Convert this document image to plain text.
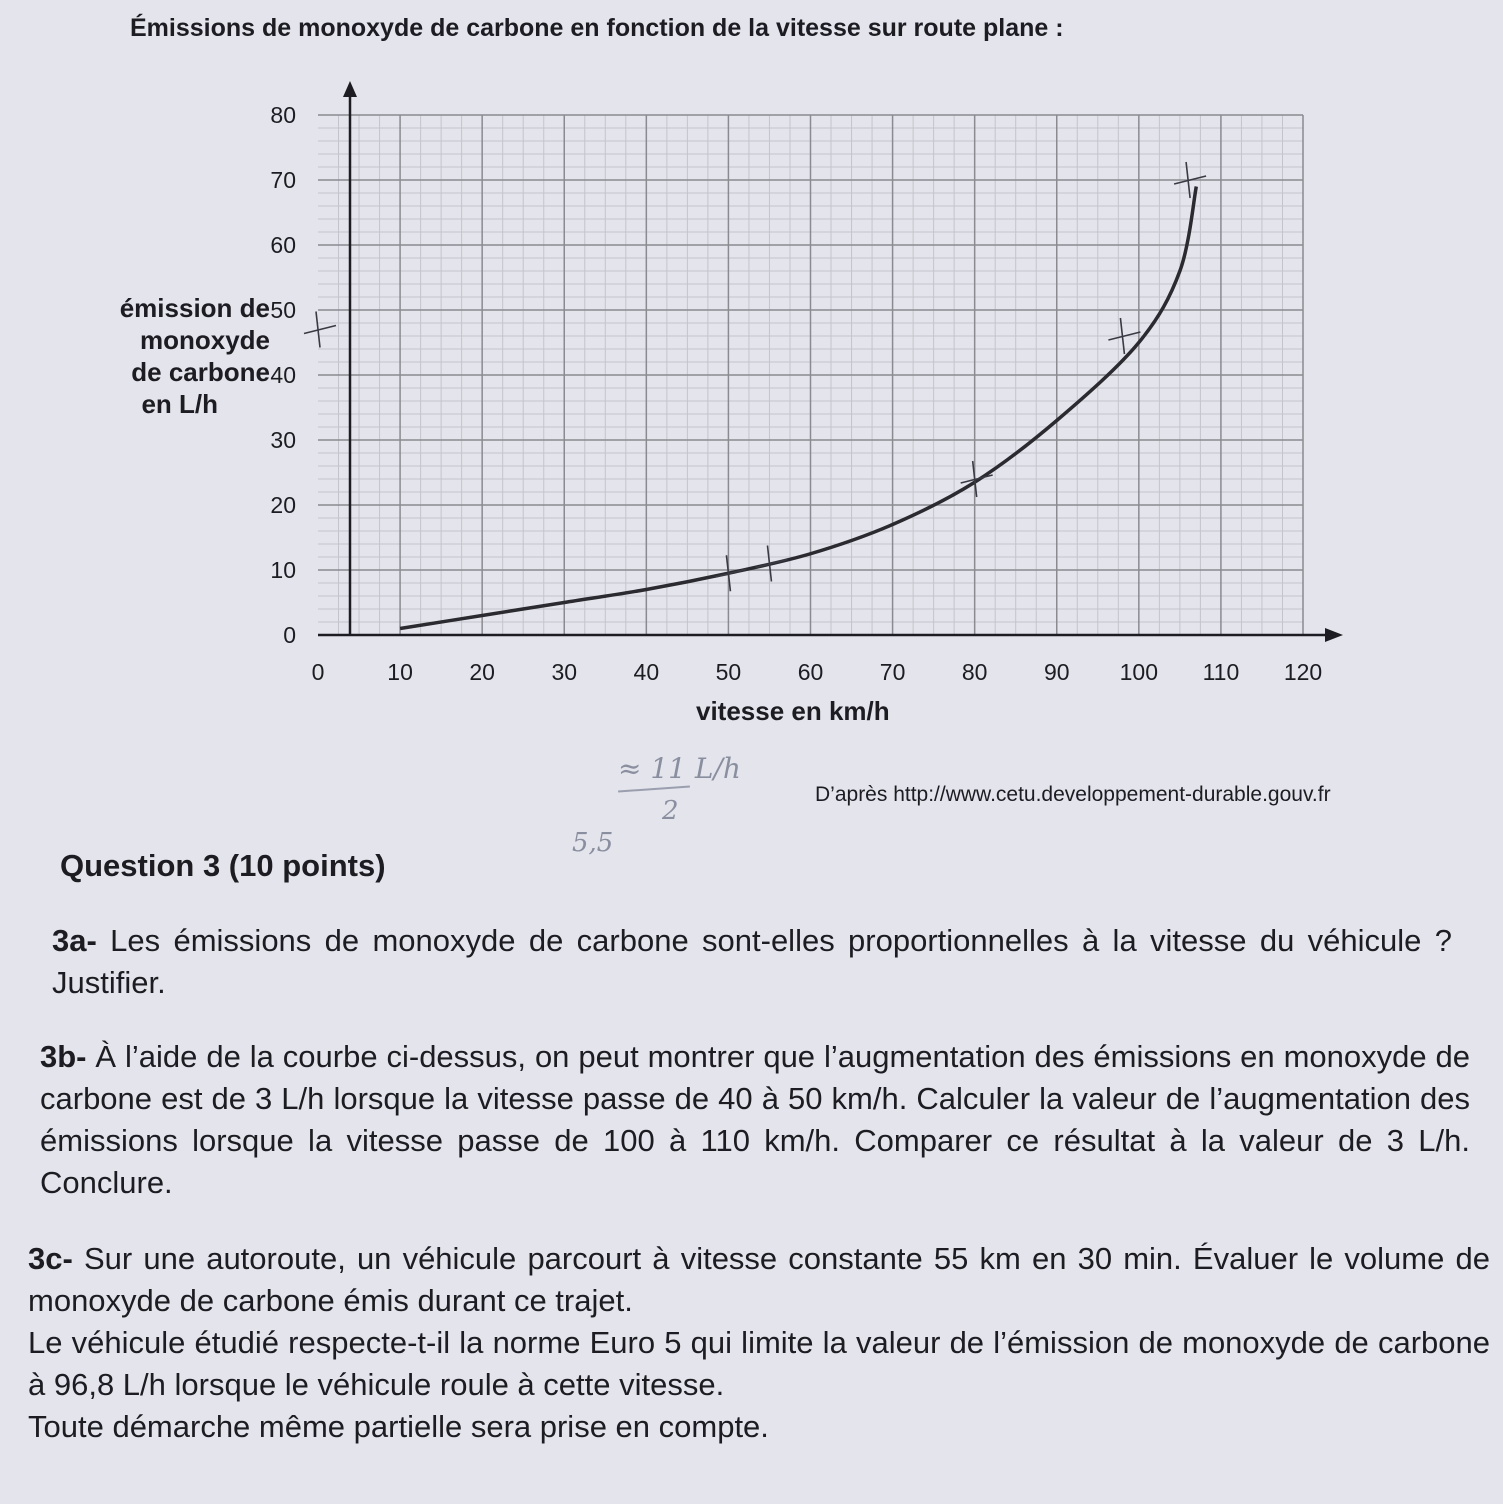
Émissions de monoxyde de carbone en fonction de la vitesse sur route plane :
0	10 20 30 40 50 60 70 80 90 100 110 120
0
10
20
30
40
50
60
70
80
émission de
monoxyde
de carbone
en L/h
vitesse en km/h
≈ 11 L/h
2
5,5
D’après http://www.cetu.developpement-durable.gouv.fr
Question 3 (10 points)
3a- Les émissions de monoxyde de carbone sont-elles proportionnelles à la vitesse du véhicule ? Justifier.
3b- À l’aide de la courbe ci-dessus, on peut montrer que l’augmentation des émissions en monoxyde de carbone est de 3 L/h lorsque la vitesse passe de 40 à 50 km/h. Calculer la valeur de l’augmentation des émissions lorsque la vitesse passe de 100 à 110 km/h. Comparer ce résultat à la valeur de 3 L/h. Conclure.

3c- Sur une autoroute, un véhicule parcourt à vitesse constante 55 km en 30 min. Évaluer le volume de monoxyde de carbone émis durant ce trajet.

Le véhicule étudié respecte-t-il la norme Euro 5 qui limite la valeur de l’émission de monoxyde de carbone à 96,8 L/h lorsque le véhicule roule à cette vitesse.

Toute démarche même partielle sera prise en compte.
